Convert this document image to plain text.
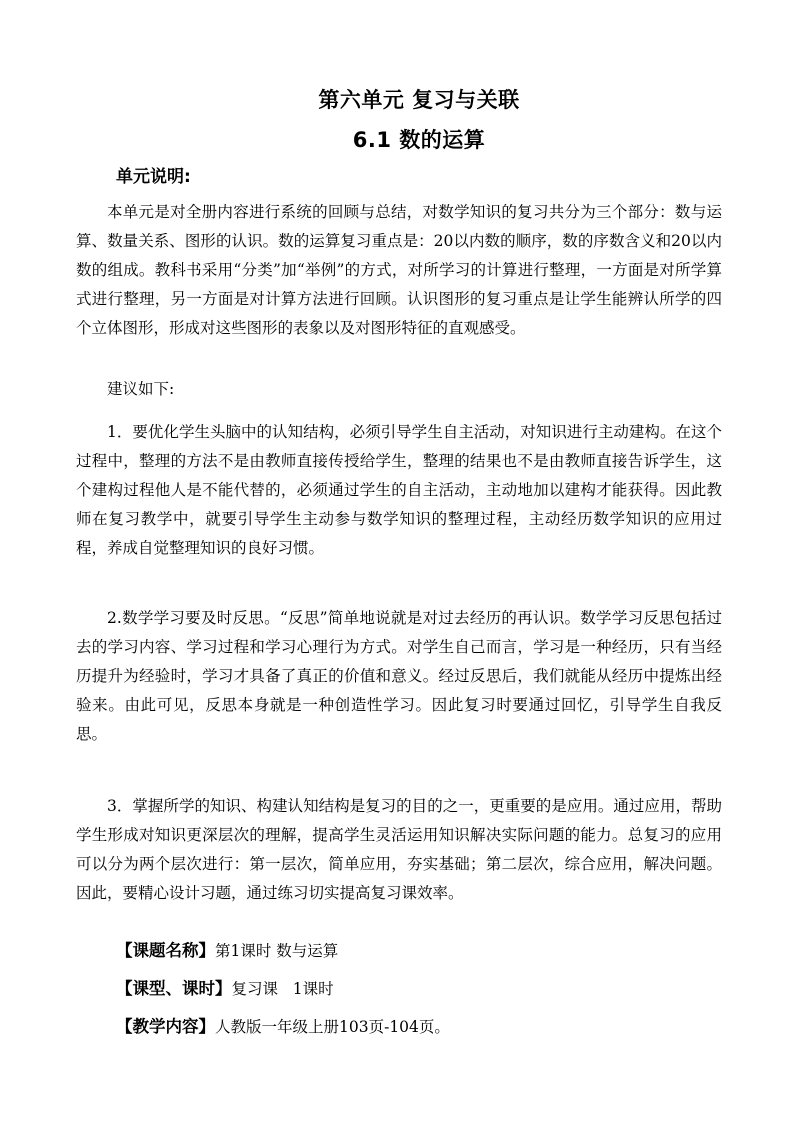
第六单元 复习与关联
6.1 数的运算
单元说明:

本单元是对全册内容进行系统的回顾与总结，对数学知识的复习共分为三个部分：数与运算、数量关系、图形的认识。数的运算复习重点是：20以内数的顺序，数的序数含义和20以内数的组成。教科书采用“分类”加“举例”的方式，对所学习的计算进行整理，一方面是对所学算式进行整理，另一方面是对计算方法进行回顾。认识图形的复习重点是让学生能辨认所学的四个立体图形，形成对这些图形的表象以及对图形特征的直观感受。

建议如下:

1．要优化学生头脑中的认知结构，必须引导学生自主活动，对知识进行主动建构。在这个过程中，整理的方法不是由教师直接传授给学生，整理的结果也不是由教师直接告诉学生，这个建构过程他人是不能代替的，必须通过学生的自主活动，主动地加以建构才能获得。因此教师在复习教学中，就要引导学生主动参与数学知识的整理过程，主动经历数学知识的应用过程，养成自觉整理知识的良好习惯。

2.数学学习要及时反思。“反思”简单地说就是对过去经历的再认识。数学学习反思包括过去的学习内容、学习过程和学习心理行为方式。对学生自己而言，学习是一种经历，只有当经历提升为经验时，学习才具备了真正的价值和意义。经过反思后，我们就能从经历中提炼出经验来。由此可见，反思本身就是一种创造性学习。因此复习时要通过回忆，引导学生自我反思。

3．掌握所学的知识、构建认知结构是复习的目的之一，更重要的是应用。通过应用，帮助学生形成对知识更深层次的理解，提高学生灵活运用知识解决实际问题的能力。总复习的应用可以分为两个层次进行：第一层次，简单应用，夯实基础；第二层次，综合应用，解决问题。因此，要精心设计习题，通过练习切实提高复习课效率。

【课题名称】第1课时 数与运算
【课型、课时】复习课   1课时
【教学内容】人教版一年级上册103页-104页。
